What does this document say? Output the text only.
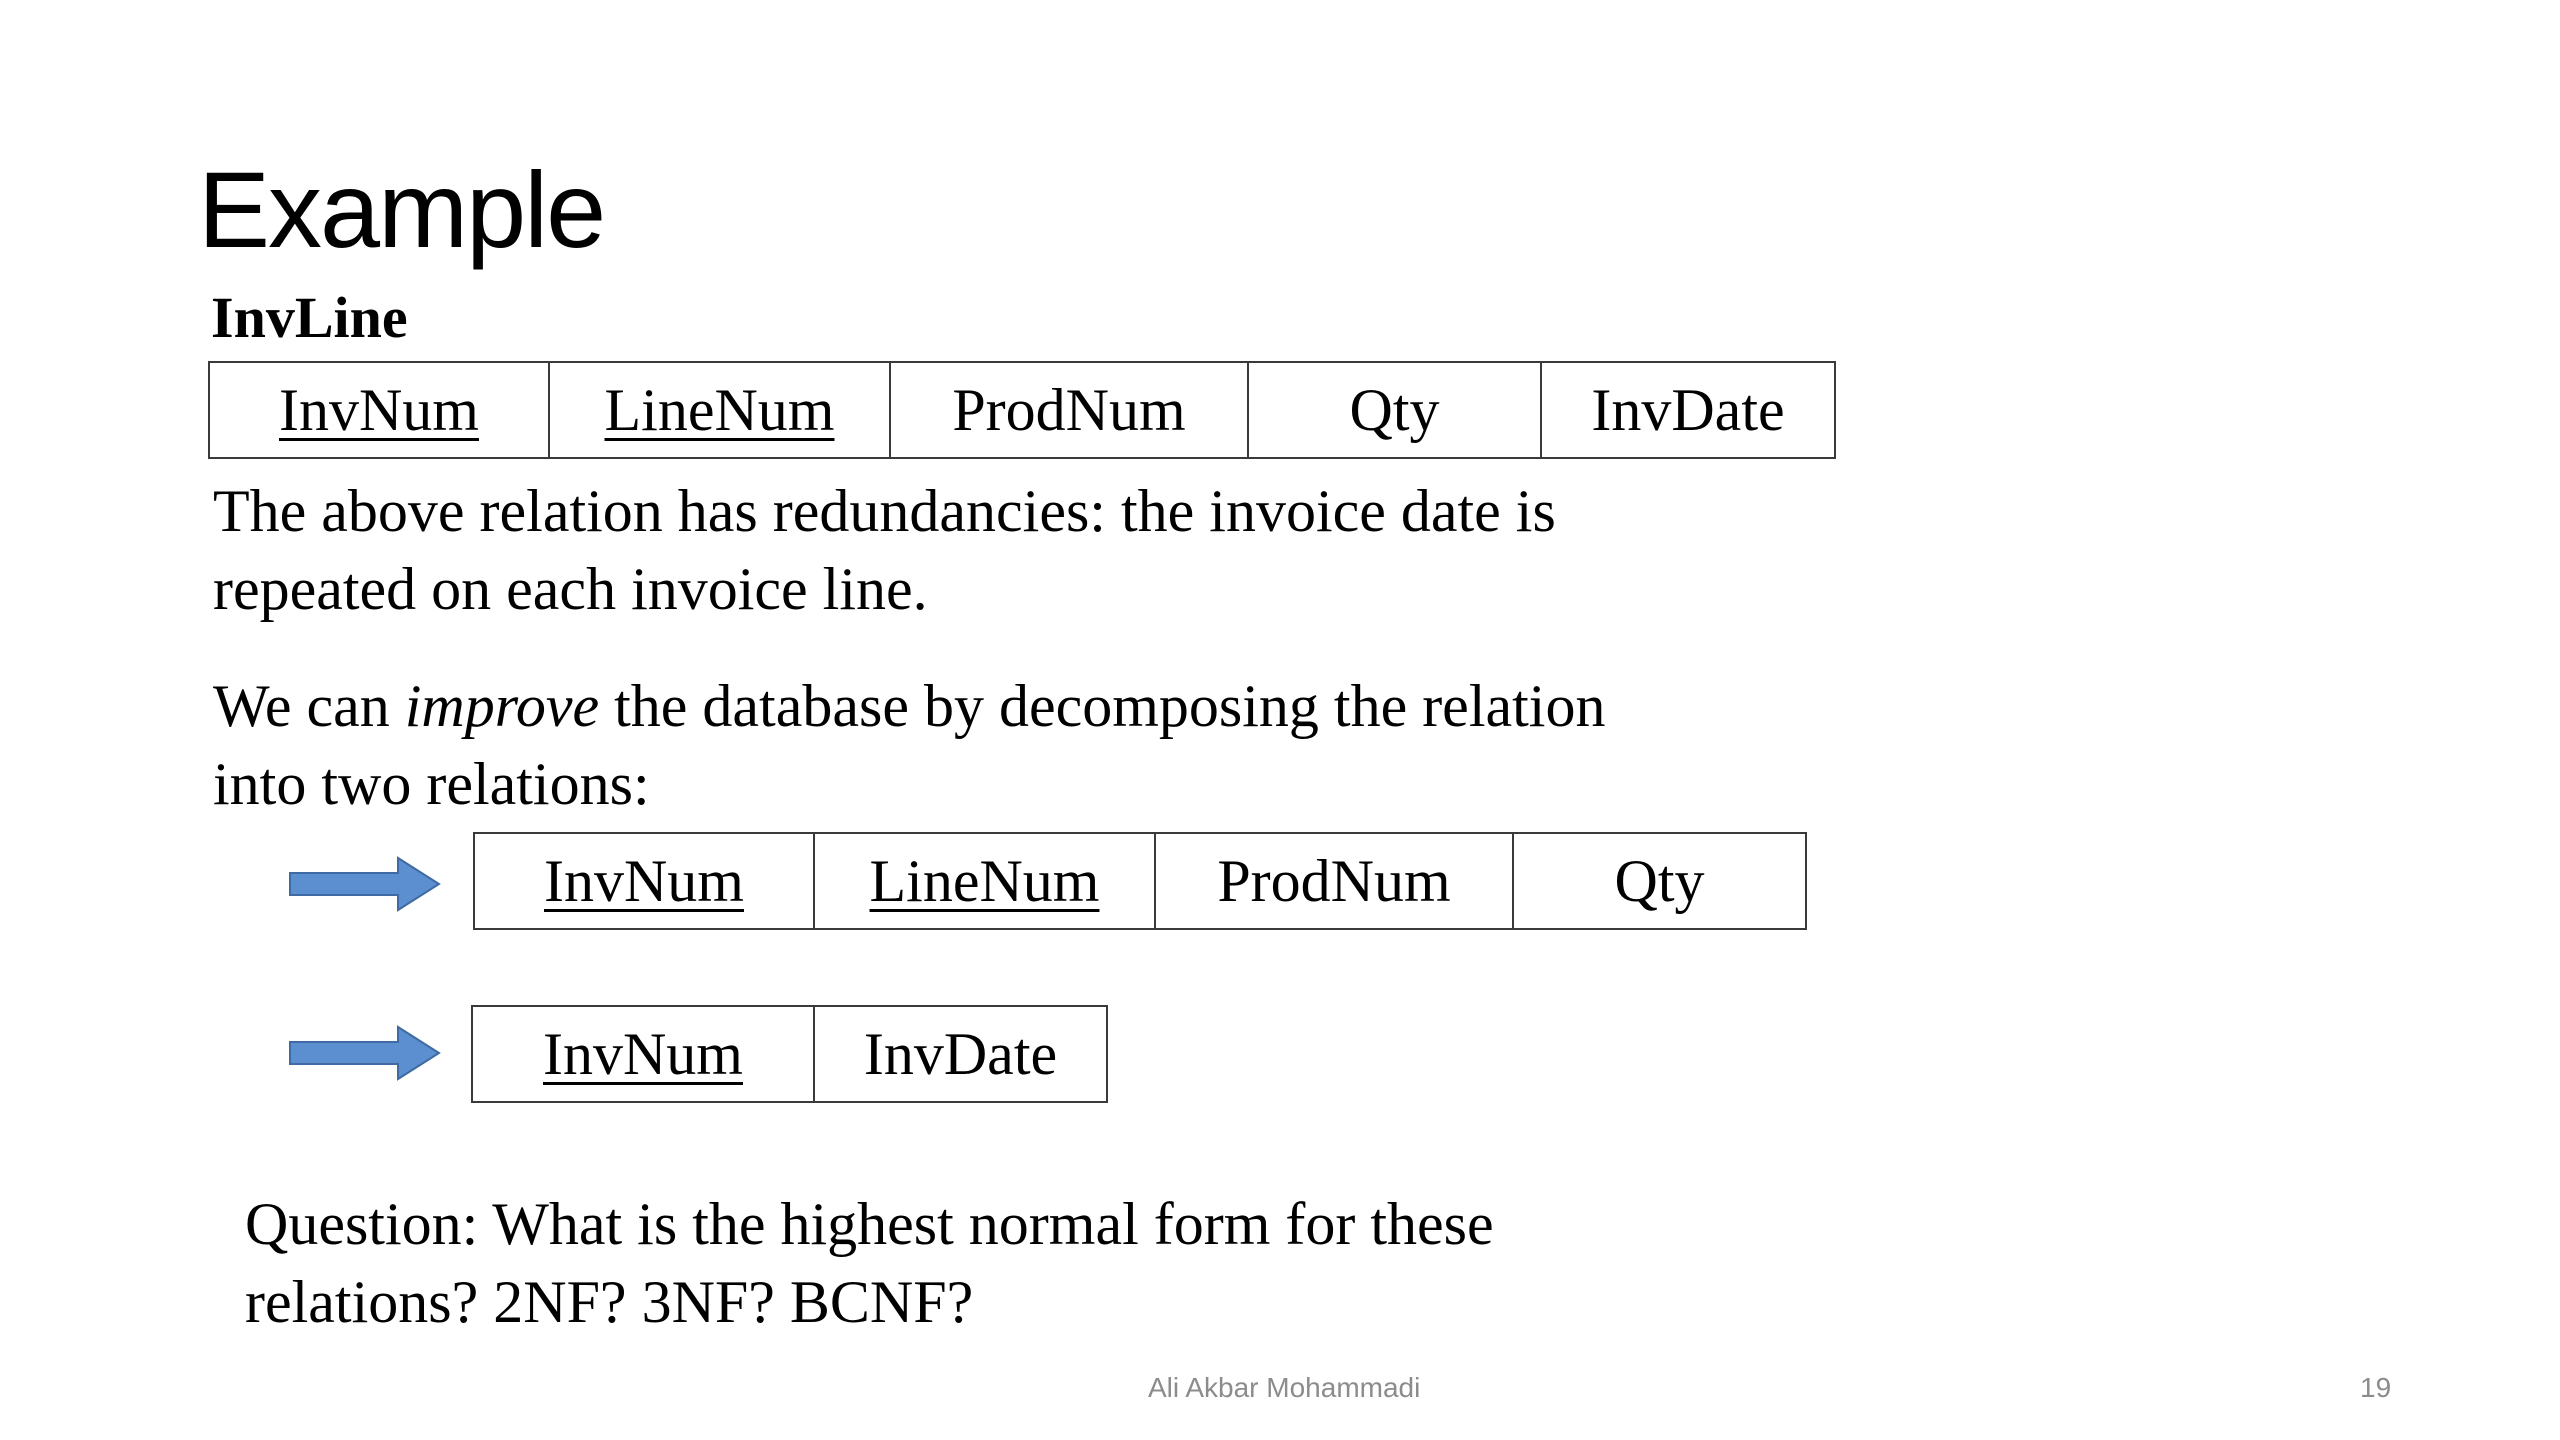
Example
InvLine
InvNum	LineNum	ProdNum	Qty	InvDate
The above relation has redundancies: the invoice date is
repeated on each invoice line.
We can improve the database by decomposing the relation
into two relations:
InvNum	LineNum	ProdNum	Qty
InvNum	InvDate
Question: What is the highest normal form for these
relations? 2NF? 3NF? BCNF?
Ali Akbar Mohammadi	19
